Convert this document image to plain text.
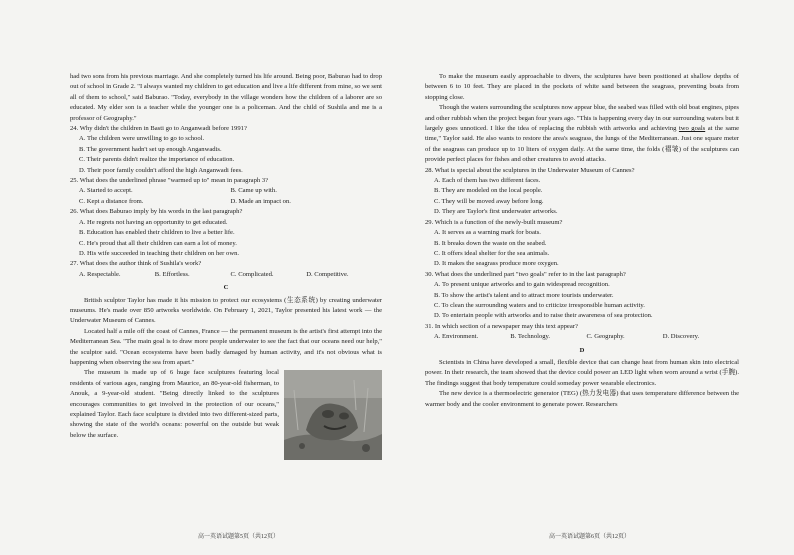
had two sons from his previous marriage. And she completely turned his life around. Being poor, Baburao had to drop out of school in Grade 2. "I always wanted my children to get education and live a life different from mine, so we sent all of them to school," said Baburao. "Today, everybody in the village wonders how the children of a laborer are so educated. My elder son is a teacher while the younger one is a policeman. And the child of Sushila and me is a professor of Geography."

24. Why didn't the children in Basti go to Anganwadi before 1991?

A. The children were unwilling to go to school.

B. The government hadn't set up enough Anganwadis.

C. Their parents didn't realize the importance of education.

D. Their poor family couldn't afford the high Anganwadi fees.

25. What does the underlined phrase "warmed up to" mean in paragraph 3?

A. Started to accept.	B. Came up with.
C. Kept a distance from.	D. Made an impact on.

26. What does Baburao imply by his words in the last paragraph?

A. He regrets not having an opportunity to get educated.

B. Education has enabled their children to live a better life.

C. He's proud that all their children can earn a lot of money.

D. His wife succeeded in teaching their children on her own.

27. What does the author think of Sushila's work?

A. Respectable.	B. Effortless.	C. Complicated.	D. Competitive.

C

British sculptor Taylor has made it his mission to protect our ecosystems (生态系统) by creating underwater museums. He's made over 850 artworks worldwide. On February 1, 2021, Taylor presented his latest work — the Underwater Museum of Cannes.

Located half a mile off the coast of Cannes, France — the permanent museum is the artist's first attempt into the Mediterranean Sea. "The main goal is to draw more people underwater to see the fact that our oceans need our help," the sculptor said. "Ocean ecosystems have been badly damaged by human activity, and it's not obvious what is happening when observing the sea from apart."

The museum is made up of 6 huge face sculptures featuring local residents of various ages, ranging from Maurice, an 80-year-old fisherman, to Anouk, a 9-year-old student. "Being directly linked to the sculptures encourages communities to get involved in the protection of our oceans," explained Taylor. Each face sculpture is divided into two different-sized parts, showing the state of the world's oceans: powerful on the outside but weak below the surface.

To make the museum easily approachable to divers, the sculptures have been positioned at shallow depths of between 6 to 10 feet. They are placed in the pockets of white sand between the seagrass, preventing boats from stopping close.

Though the waters surrounding the sculptures now appear blue, the seabed was filled with old boat engines, pipes and other rubbish when the project began four years ago. "This is happening every day in our surrounding waters but it largely goes unnoticed. I like the idea of replacing the rubbish with artworks and achieving two goals at the same time," Taylor said. He also wants to restore the area's seagrass, the lungs of the Mediterranean. Just one square meter of the seagrass can produce up to 10 liters of oxygen daily. At the same time, the folds (褶皱) of the sculptures can provide perfect places for fishes and other creatures to avoid attacks.

28. What is special about the sculptures in the Underwater Museum of Cannes?

A. Each of them has two different faces.

B. They are modeled on the local people.

C. They will be moved away before long.

D. They are Taylor's first underwater artworks.

29. Which is a function of the newly-built museum?

A. It serves as a warning mark for boats.

B. It breaks down the waste on the seabed.

C. It offers ideal shelter for the sea animals.

D. It makes the seagrass produce more oxygen.

30. What does the underlined part "two goals" refer to in the last paragraph?

A. To present unique artworks and to gain widespread recognition.

B. To show the artist's talent and to attract more tourists underwater.

C. To clean the surrounding waters and to criticize irresponsible human activity.

D. To entertain people with artworks and to raise their awareness of sea protection.

31. In which section of a newspaper may this text appear?

A. Environment.	B. Technology.	C. Geography.	D. Discovery.

D

Scientists in China have developed a small, flexible device that can change heat from human skin into electrical power. In their research, the team showed that the device could power an LED light when worn around a wrist (手腕). The findings suggest that body temperature could someday power wearable electronics.

The new device is a thermoelectric generator (TEG) (热力发电器) that uses temperature difference between the warmer body and the cooler environment to generate power. Researchers

高一英语试题第5页（共12页）	高一英语试题第6页（共12页）
